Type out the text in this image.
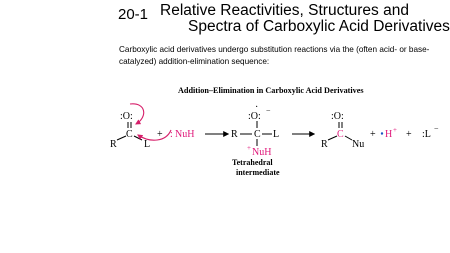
20-1 Relative Reactivities, Structures and
Spectra of Carboxylic Acid Derivatives
Carboxylic acid derivatives undergo substitution reactions via the (often acid- or base-catalyzed) addition-elimination sequence:
Addition–Elimination in Carboxylic Acid Derivatives
:O:
C
R	L
+ : NuH
·
:O:
−
R C L
+ NuH
Tetrahedral
intermediate
:O:
C
R Nu
+ H + + :L
−
